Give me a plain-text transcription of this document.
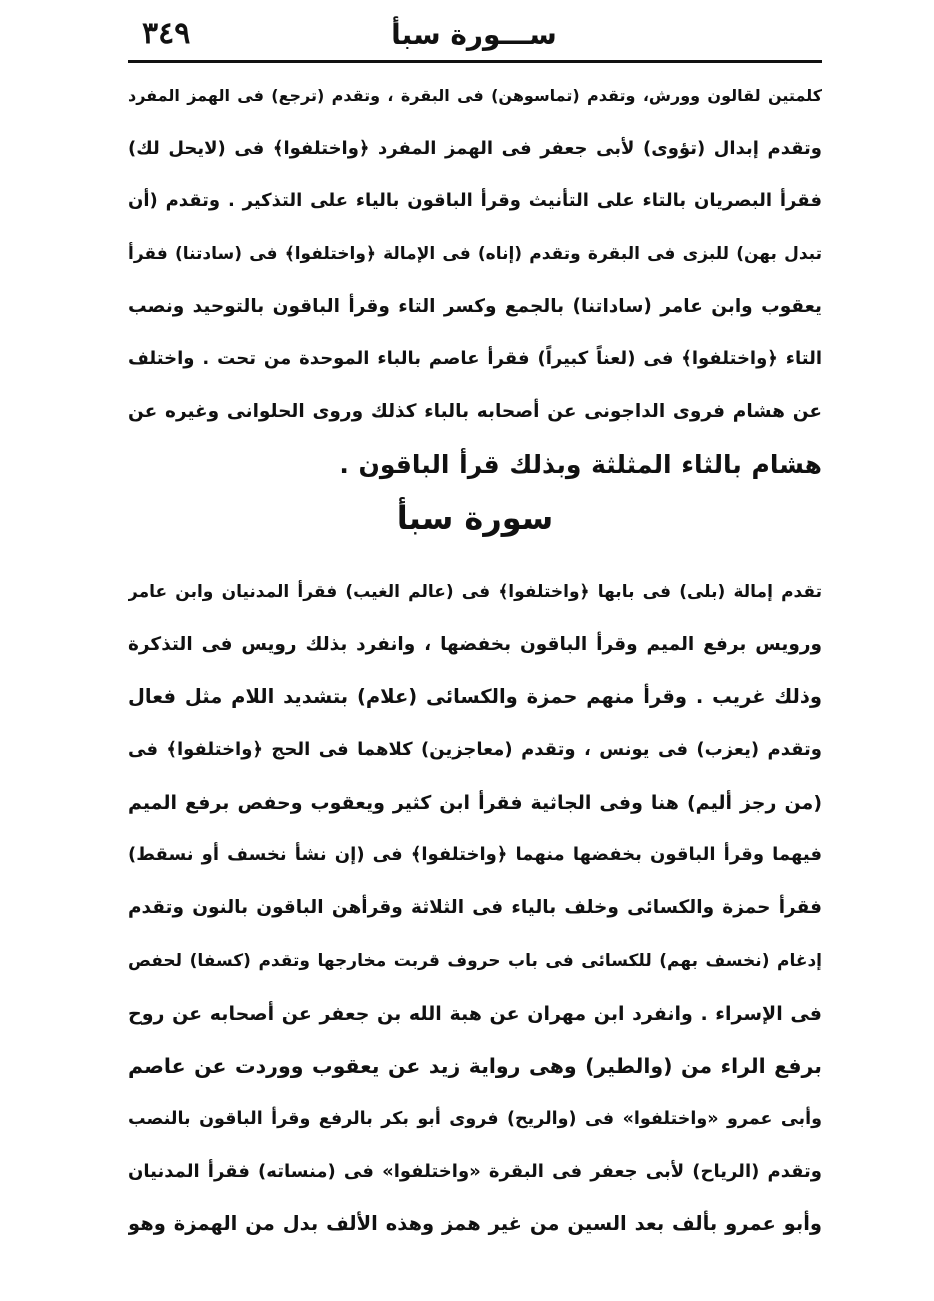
٣٤٩	ســـورة سبأ
كلمتين لقالون وورش، وتقدم (تماسوهن) فى البقرة ، وتقدم (ترجع) فى الهمز المفرد
وتقدم إبدال (تؤوى) لأبى جعفر فى الهمز المفرد ﴿واختلفوا﴾ فى (لايحل لك)
فقرأ البصريان بالتاء على التأنيث وقرأ الباقون بالياء على التذكير . وتقدم (أن
تبدل بهن) للبزى فى البقرة وتقدم (إناه) فى الإمالة ﴿واختلفوا﴾ فى (سادتنا) فقرأ
يعقوب وابن عامر (ساداتنا) بالجمع وكسر التاء وقرأ الباقون بالتوحيد ونصب
التاء ﴿واختلفوا﴾ فى (لعناً كبيراً) فقرأ عاصم بالباء الموحدة من تحت . واختلف
عن هشام فروى الداجونى عن أصحابه بالباء كذلك وروى الحلوانى وغيره عن
هشام بالثاء المثلثة وبذلك قرأ الباقون .
سورة سبأ
تقدم إمالة (بلى) فى بابها ﴿واختلفوا﴾ فى (عالم الغيب) فقرأ المدنيان وابن عامر
ورويس برفع الميم وقرأ الباقون بخفضها ، وانفرد بذلك رويس فى التذكرة
وذلك غريب . وقرأ منهم حمزة والكسائى (علام) بتشديد اللام مثل فعال
وتقدم (يعزب) فى يونس ، وتقدم (معاجزين) كلاهما فى الحج ﴿واختلفوا﴾ فى
(من رجز أليم) هنا وفى الجاثية فقرأ ابن كثير ويعقوب وحفص برفع الميم
فيهما وقرأ الباقون بخفضها منهما ﴿واختلفوا﴾ فى (إن نشأ نخسف أو نسقط)
فقرأ حمزة والكسائى وخلف بالياء فى الثلاثة وقرأهن الباقون بالنون وتقدم
إدغام (نخسف بهم) للكسائى فى باب حروف قربت مخارجها وتقدم (كسفا) لحفص
فى الإسراء . وانفرد ابن مهران عن هبة الله بن جعفر عن أصحابه عن روح
برفع الراء من (والطير) وهى رواية زيد عن يعقوب ووردت عن عاصم
وأبى عمرو «واختلفوا» فى (والريح) فروى أبو بكر بالرفع وقرأ الباقون بالنصب
وتقدم (الرياح) لأبى جعفر فى البقرة «واختلفوا» فى (منساته) فقرأ المدنيان
وأبو عمرو بألف بعد السين من غير همز وهذه الألف بدل من الهمزة وهو
